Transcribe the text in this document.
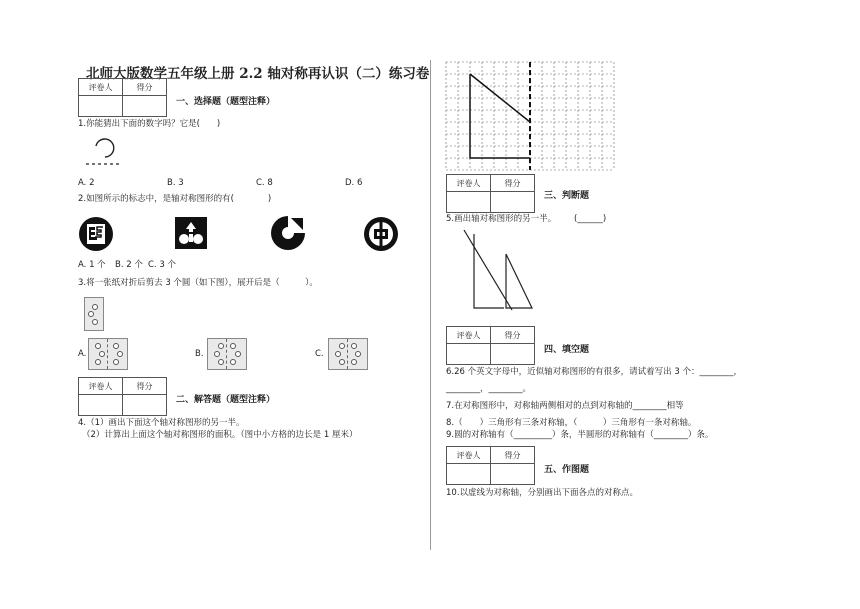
北师大版数学五年级上册 2.2 轴对称再认识（二）练习卷
评卷人	得分

一、选择题（题型注释）
1.你能猜出下面的数字吗？它是(　　)
A. 2	B. 3	C. 8	D. 6
2.如图所示的标志中，是轴对称图形的有(　　　　)
A. 1 个 B. 2 个 C. 3 个
3.将一张纸对折后剪去 3 个圆（如下图），展开后是（　　　）。
A.	B.	C.
评卷人	得分

二、解答题（题型注释）
4.（1）画出下面这个轴对称图形的另一半。
（2）计算出上面这个轴对称图形的面积。（图中小方格的边长是 1 厘米）
评卷人	得分

三、判断题
5.画出轴对称图形的另一半。 (______)
评卷人	得分

四、填空题
6.26 个英文字母中，近似轴对称图形的有很多，请试着写出 3 个：________，
________，________。
7.在对称图形中，对称轴两侧相对的点到对称轴的________相等
8.（　　）三角形有三条对称轴，（　　　）三角形有一条对称轴。
9.圆的对称轴有（_________）条，半圆形的对称轴有（________）条。
评卷人	得分

五、作图题
10.以虚线为对称轴，分别画出下面各点的对称点。
